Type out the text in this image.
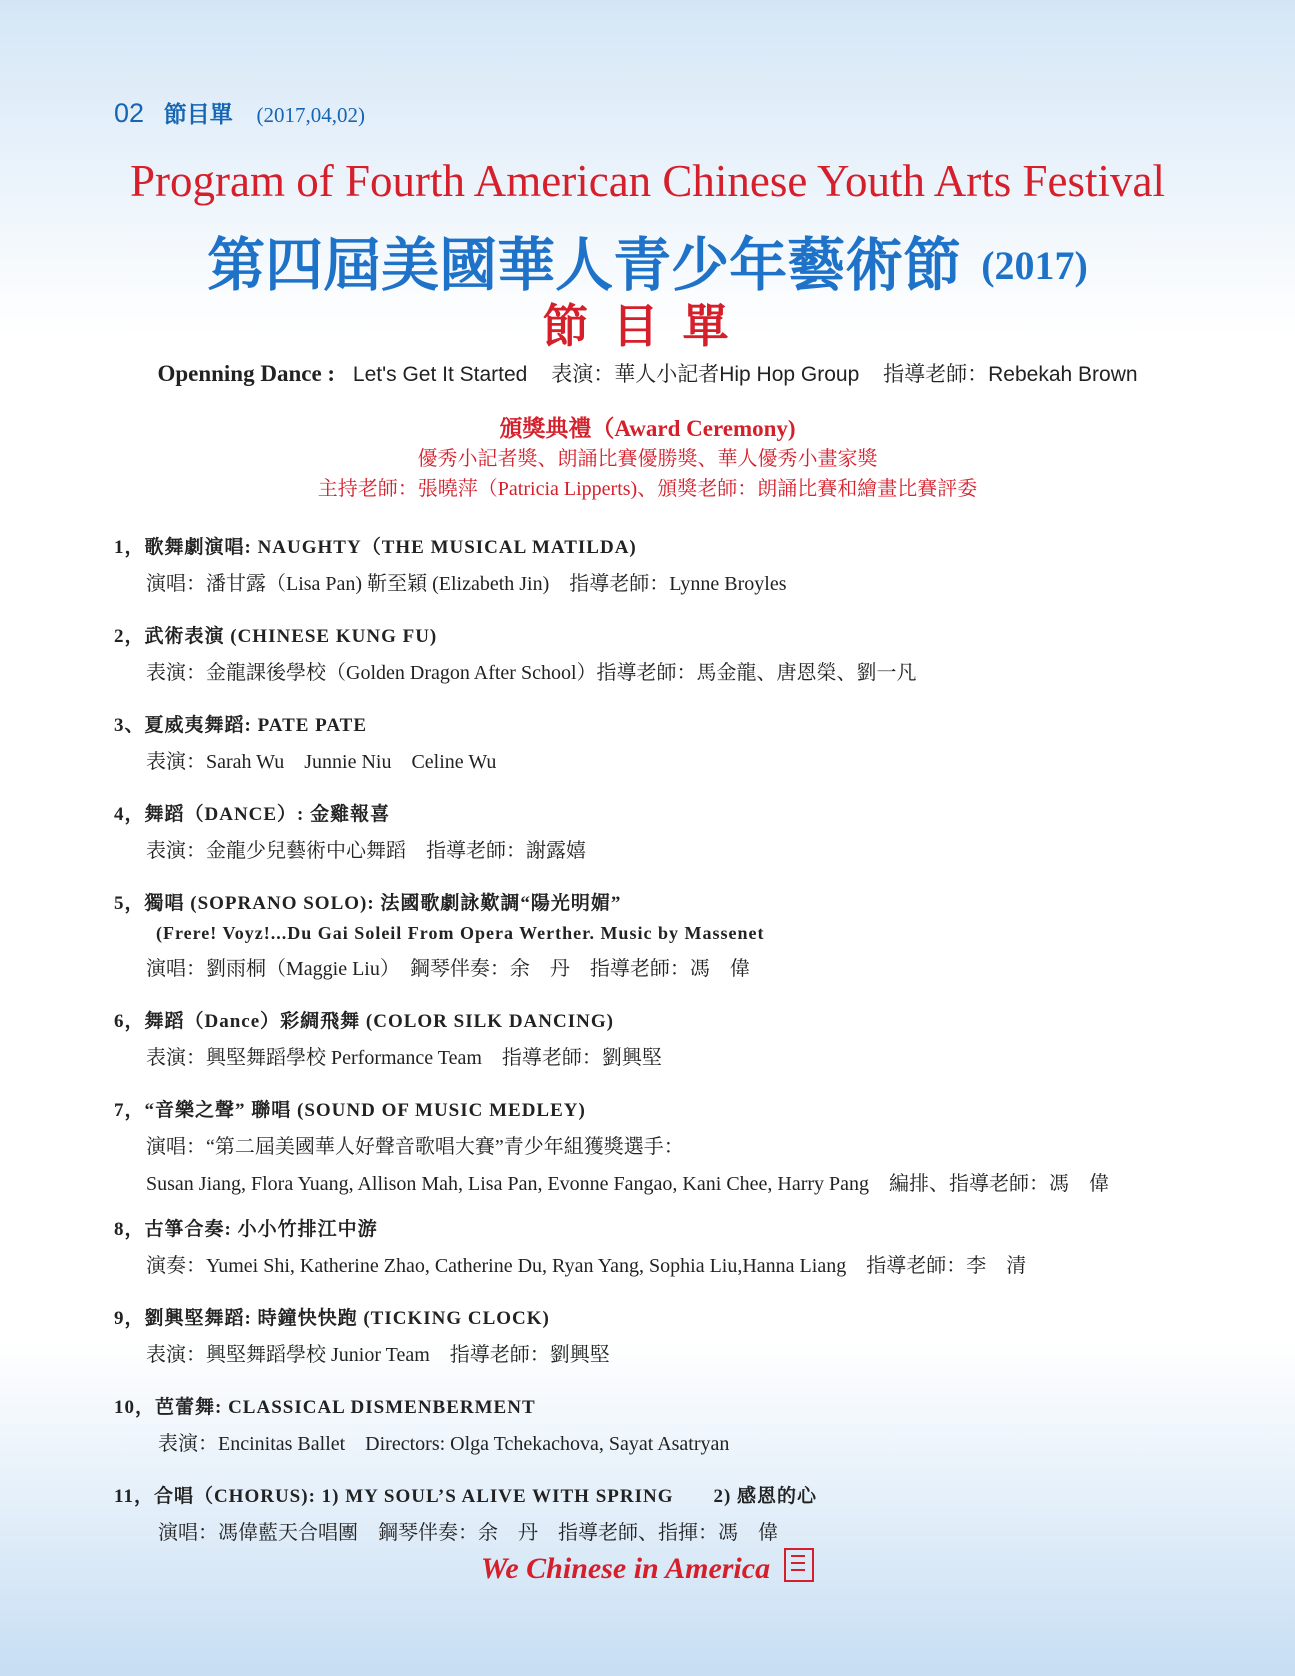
02 節目單 (2017,04,02)
Program of Fourth American Chinese Youth Arts Festival
第四屆美國華人青少年藝術節 (2017)
節目單
Openning Dance : Let's Get It Started 表演：華人小記者Hip Hop Group 指導老師：Rebekah Brown
頒獎典禮（Award Ceremony)
優秀小記者獎、朗誦比賽優勝獎、華人優秀小畫家獎
主持老師：張曉萍（Patricia Lipperts)、頒獎老師：朗誦比賽和繪畫比賽評委
1，歌舞劇演唱: NAUGHTY（THE MUSICAL MATILDA)
演唱：潘甘露（Lisa Pan) 靳至穎 (Elizabeth Jin)　指導老師：Lynne Broyles
2，武術表演 (CHINESE KUNG FU)
表演：金龍課後學校（Golden Dragon After School）指導老師：馬金龍、唐恩榮、劉一凡
3、夏威夷舞蹈: PATE PATE
表演：Sarah Wu　Junnie Niu　Celine Wu
4，舞蹈（DANCE）: 金雞報喜
表演：金龍少兒藝術中心舞蹈　指導老師：謝露嬉
5，獨唱 (SOPRANO SOLO): 法國歌劇詠歎調“陽光明媚”
(Frere! Voyz!...Du Gai Soleil From Opera Werther. Music by Massenet
演唱：劉雨桐（Maggie Liu）　鋼琴伴奏：余　丹　指導老師：馮　偉
6，舞蹈（Dance）彩綢飛舞 (COLOR SILK DANCING)
表演：興堅舞蹈學校 Performance Team　指導老師：劉興堅
7，“音樂之聲” 聯唱 (SOUND OF MUSIC MEDLEY)
演唱：“第二屆美國華人好聲音歌唱大賽”青少年組獲獎選手：
Susan Jiang, Flora Yuang, Allison Mah, Lisa Pan, Evonne Fangao, Kani Chee, Harry Pang　編排、指導老師：馮　偉
8，古箏合奏: 小小竹排江中游
演奏：Yumei Shi, Katherine Zhao, Catherine Du, Ryan Yang, Sophia Liu,Hanna Liang　指導老師：李　清
9，劉興堅舞蹈: 時鐘快快跑 (TICKING CLOCK)
表演：興堅舞蹈學校 Junior Team　指導老師：劉興堅
10，芭蕾舞: CLASSICAL DISMENBERMENT
表演：Encinitas Ballet　Directors: Olga Tchekachova, Sayat Asatryan
11，合唱（CHORUS): 1) MY SOUL’S ALIVE WITH SPRING　　2) 感恩的心
演唱：馮偉藍天合唱團　鋼琴伴奏：余　丹　指導老師、指揮：馮　偉
We Chinese in America
